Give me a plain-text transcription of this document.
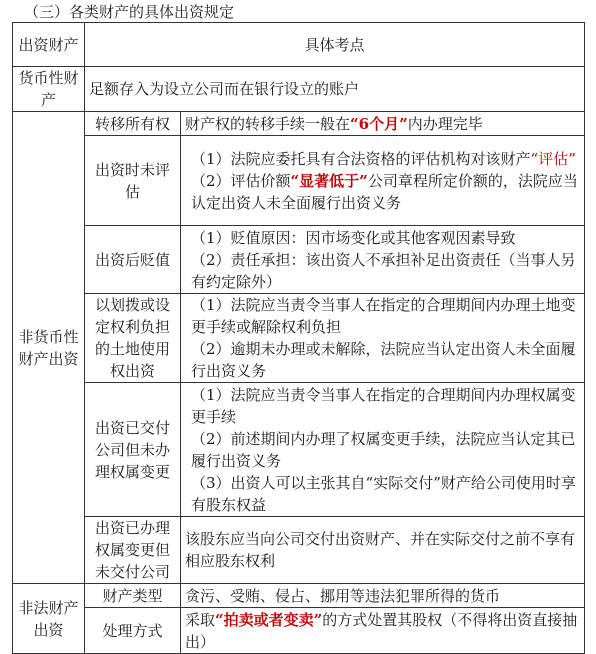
（三）各类财产的具体出资规定
出资财产	具体考点	
货币性财产	足额存入为设立公司而在银行设立的账户	
非货币性财产出资	转移所有权	财产权的转移手续一般在“6个月”内办理完毕
	出资时未评估	（1）法院应委托具有合法资格的评估机构对该财产“评估”

（2）评估价额“显著低于”公司章程所定价额的，法院应当认定出资人未全面履行出资义务

	出资后贬值	（1）贬值原因：因市场变化或其他客观因素导致

（2）责任承担：该出资人不承担补足出资责任（当事人另有约定除外）

	以划拨或设定权利负担的土地使用权出资	（1）法院应当责令当事人在指定的合理期间内办理土地变更手续或解除权利负担

（2）逾期未办理或未解除，法院应当认定出资人未全面履行出资义务

	出资已交付公司但未办理权属变更	（1）法院应当责令当事人在指定的合理期间内办理权属变更手续

（2）前述期间内办理了权属变更手续，法院应当认定其已履行出资义务

（3）出资人可以主张其自“实际交付”财产给公司使用时享有股东权益

	出资已办理权属变更但未交付公司	该股东应当向公司交付出资财产、并在实际交付之前不享有相应股东权利
非法财产出资	财产类型	贪污、受贿、侵占、挪用等违法犯罪所得的货币
	处理方式	采取“拍卖或者变卖”的方式处置其股权（不得将出资直接抽出）
